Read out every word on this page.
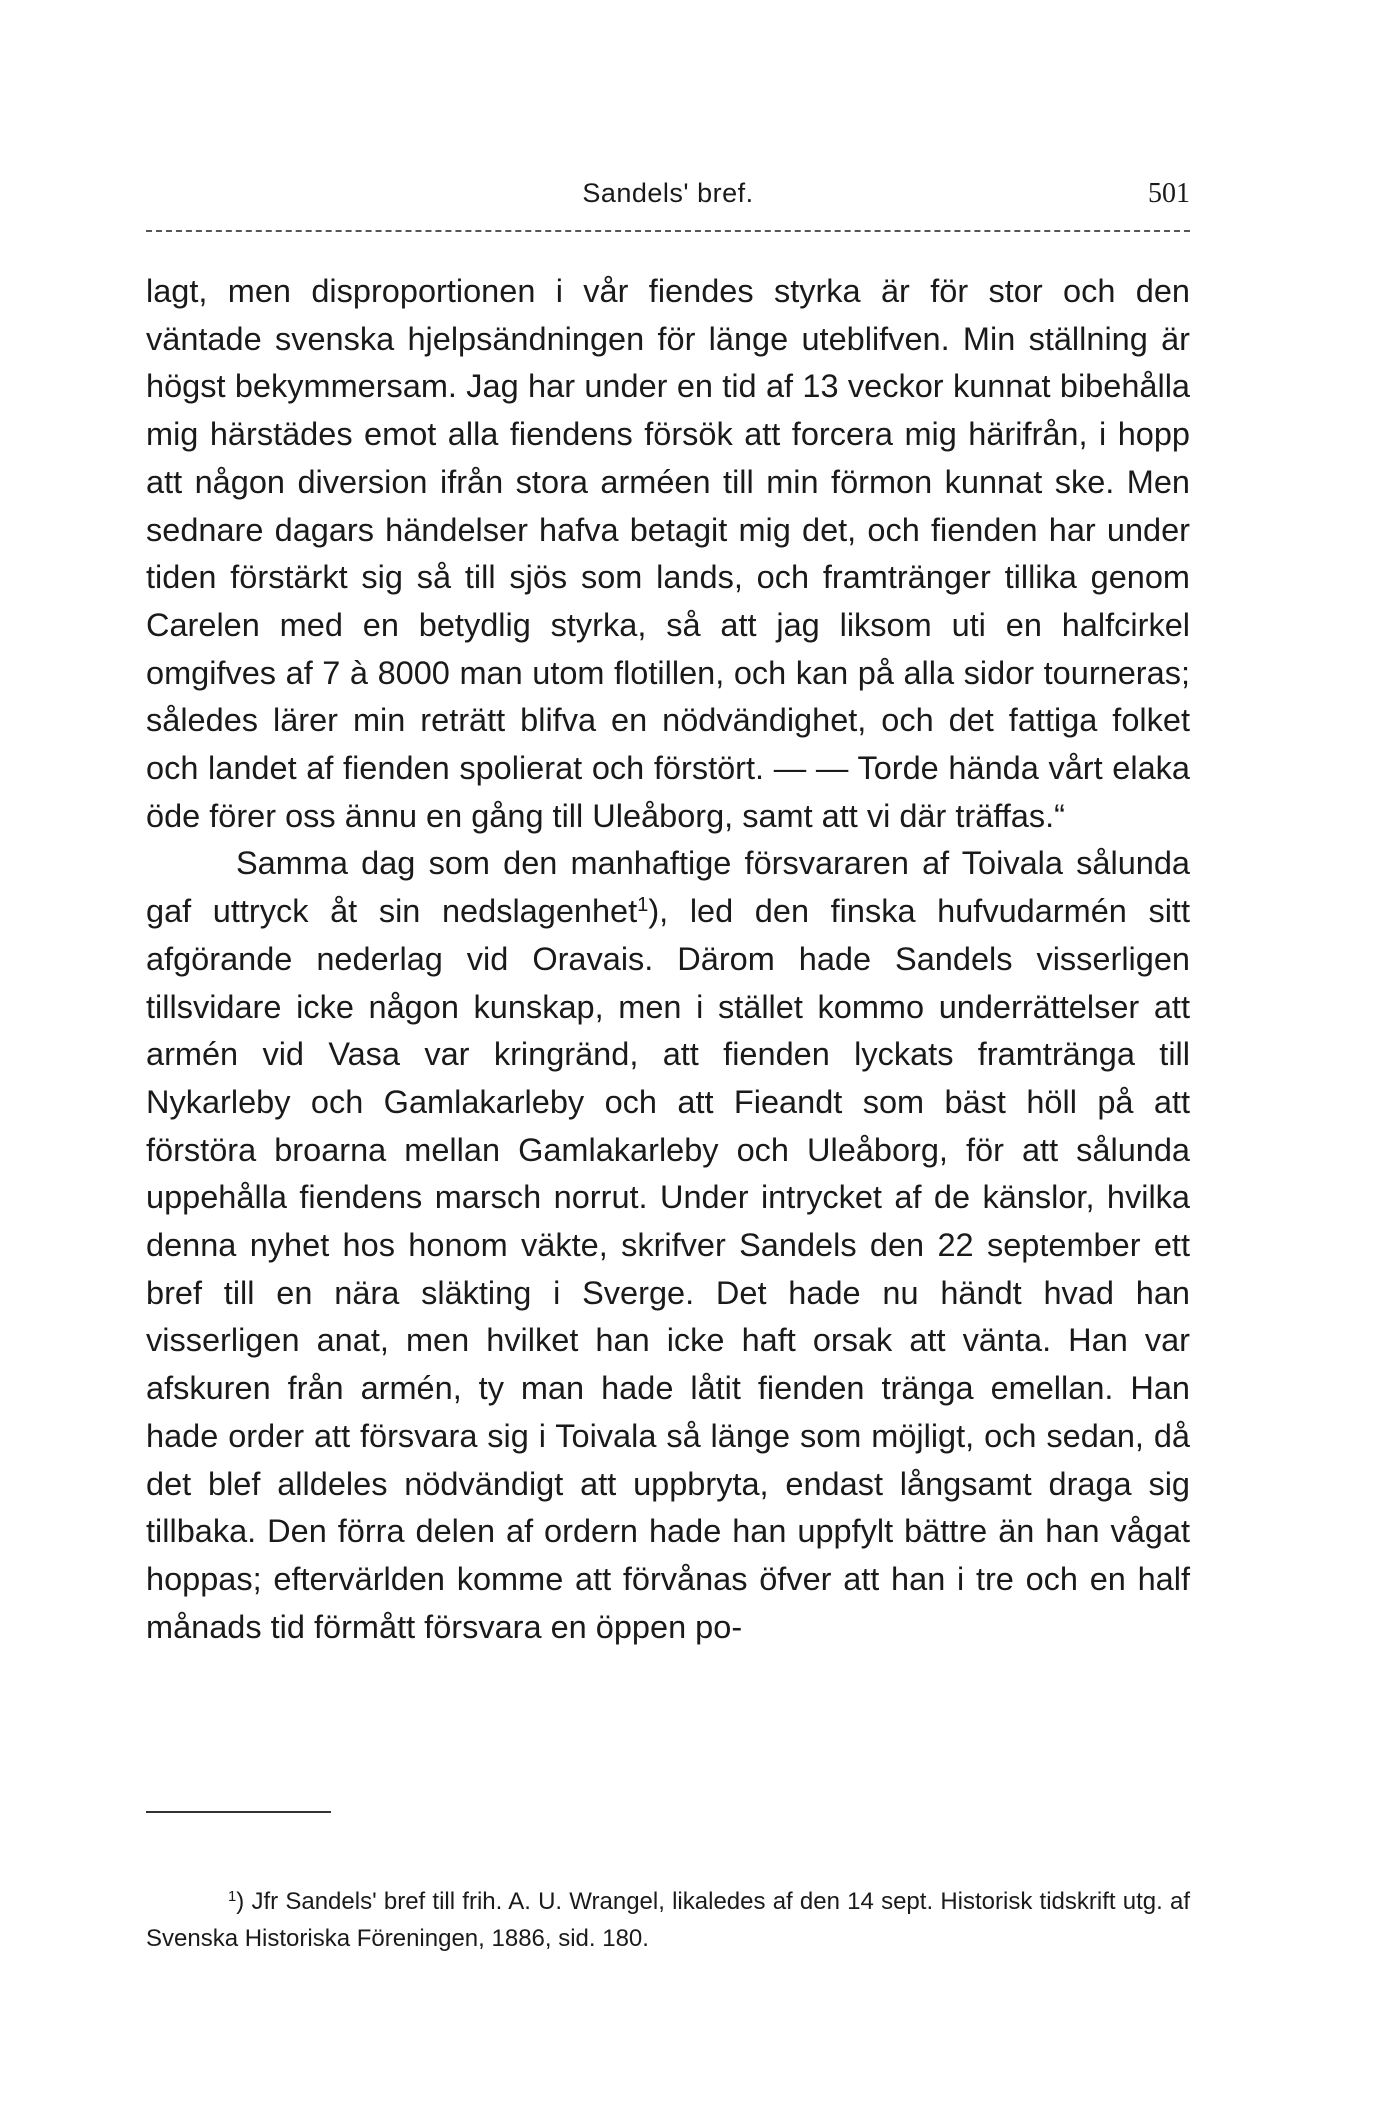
Sandels' bref.	501

lagt, men disproportionen i vår fiendes styrka är för stor och den väntade svenska hjelpsändningen för länge uteblifven. Min ställning är högst bekymmersam. Jag har under en tid af 13 veckor kunnat bibehålla mig härstädes emot alla fiendens försök att forcera mig härifrån, i hopp att någon diversion ifrån stora arméen till min förmon kunnat ske. Men sednare dagars händelser hafva betagit mig det, och fienden har under tiden förstärkt sig så till sjös som lands, och framtränger tillika genom Carelen med en betydlig styrka, så att jag liksom uti en halfcirkel omgifves af 7 à 8000 man utom flotillen, och kan på alla sidor tourneras; således lärer min reträtt blifva en nödvändighet, och det fattiga folket och landet af fienden spolierat och förstört. — — Torde hända vårt elaka öde förer oss ännu en gång till Uleåborg, samt att vi där träffas.“

Samma dag som den manhaftige försvararen af Toivala sålunda gaf uttryck åt sin nedslagenhet$^1$), led den finska hufvudarmén sitt afgörande nederlag vid Oravais. Därom hade Sandels visserligen tillsvidare icke någon kunskap, men i stället kommo underrättelser att armén vid Vasa var kringränd, att fienden lyckats framtränga till Nykarleby och Gamlakarleby och att Fieandt som bäst höll på att förstöra broarna mellan Gamlakarleby och Uleåborg, för att sålunda uppehålla fiendens marsch norrut. Under intrycket af de känslor, hvilka denna nyhet hos honom väkte, skrifver Sandels den 22 september ett bref till en nära släkting i Sverge. Det hade nu händt hvad han visserligen anat, men hvilket han icke haft orsak att vänta. Han var afskuren från armén, ty man hade låtit fienden tränga emellan. Han hade order att försvara sig i Toivala så länge som möjligt, och sedan, då det blef alldeles nödvändigt att uppbryta, endast långsamt draga sig tillbaka. Den förra delen af ordern hade han uppfylt bättre än han vågat hoppas; eftervärlden komme att förvånas öfver att han i tre och en half månads tid förmått försvara en öppen po-

$^1$) Jfr Sandels' bref till frih. A. U. Wrangel, likaledes af den 14 sept. Historisk tidskrift utg. af Svenska Historiska Föreningen, 1886, sid. 180.
